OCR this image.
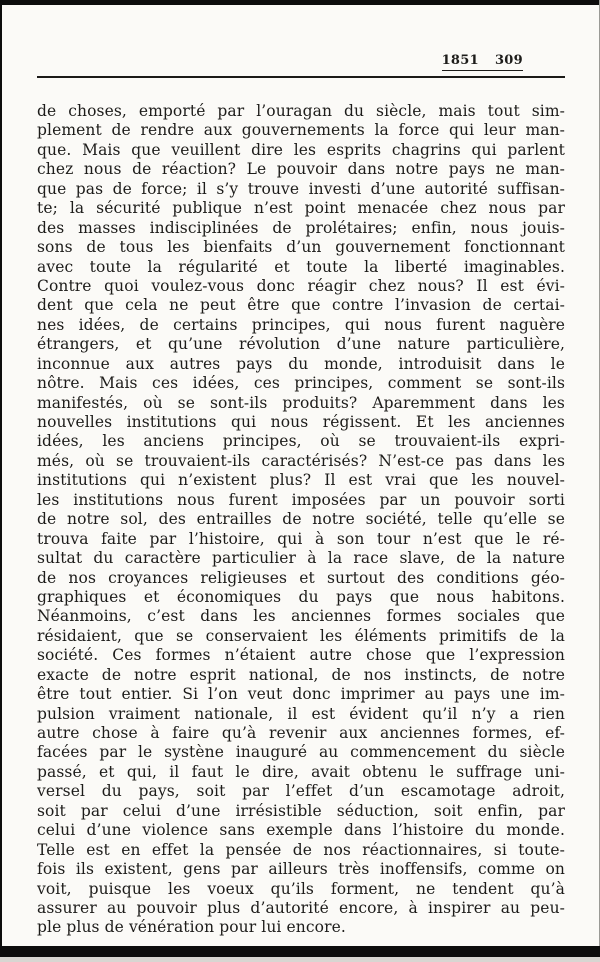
1851 309
de choses, emporté par l’ouragan du siècle, mais tout sim-
plement de rendre aux gouvernements la force qui leur man-
que. Mais que veuillent dire les esprits chagrins qui parlent
chez nous de réaction? Le pouvoir dans notre pays ne man-
que pas de force; il s’y trouve investi d’une autorité suffisan-
te; la sécurité publique n’est point menacée chez nous par
des masses indisciplinées de prolétaires; enfin, nous jouis-
sons de tous les bienfaits d’un gouvernement fonctionnant
avec toute la régularité et toute la liberté imaginables.
Contre quoi voulez-vous donc réagir chez nous? Il est évi-
dent que cela ne peut être que contre l’invasion de certai-
nes idées, de certains principes, qui nous furent naguère
étrangers, et qu’une révolution d’une nature particulière,
inconnue aux autres pays du monde, introduisit dans le
nôtre. Mais ces idées, ces principes, comment se sont-ils
manifestés, où se sont-ils produits? Aparemment dans les
nouvelles institutions qui nous régissent. Et les anciennes
idées, les anciens principes, où se trouvaient-ils expri-
més, où se trouvaient-ils caractérisés? N’est-ce pas dans les
institutions qui n’existent plus? Il est vrai que les nouvel-
les institutions nous furent imposées par un pouvoir sorti
de notre sol, des entrailles de notre société, telle qu’elle se
trouva faite par l’histoire, qui à son tour n’est que le ré-
sultat du caractère particulier à la race slave, de la nature
de nos croyances religieuses et surtout des conditions géo-
graphiques et économiques du pays que nous habitons.
Néanmoins, c’est dans les anciennes formes sociales que
résidaient, que se conservaient les éléments primitifs de la
société. Ces formes n’étaient autre chose que l’expression
exacte de notre esprit national, de nos instincts, de notre
être tout entier. Si l’on veut donc imprimer au pays une im-
pulsion vraiment nationale, il est évident qu’il n’y a rien
autre chose à faire qu’à revenir aux anciennes formes, ef-
facées par le systène inauguré au commencement du siècle
passé, et qui, il faut le dire, avait obtenu le suffrage uni-
versel du pays, soit par l’effet d’un escamotage adroit,
soit par celui d’une irrésistible séduction, soit enfin, par
celui d’une violence sans exemple dans l’histoire du monde.
Telle est en effet la pensée de nos réactionnaires, si toute-
fois ils existent, gens par ailleurs très inoffensifs, comme on
voit, puisque les voeux qu’ils forment, ne tendent qu’à
assurer au pouvoir plus d’autorité encore, à inspirer au peu-
ple plus de vénération pour lui encore.
